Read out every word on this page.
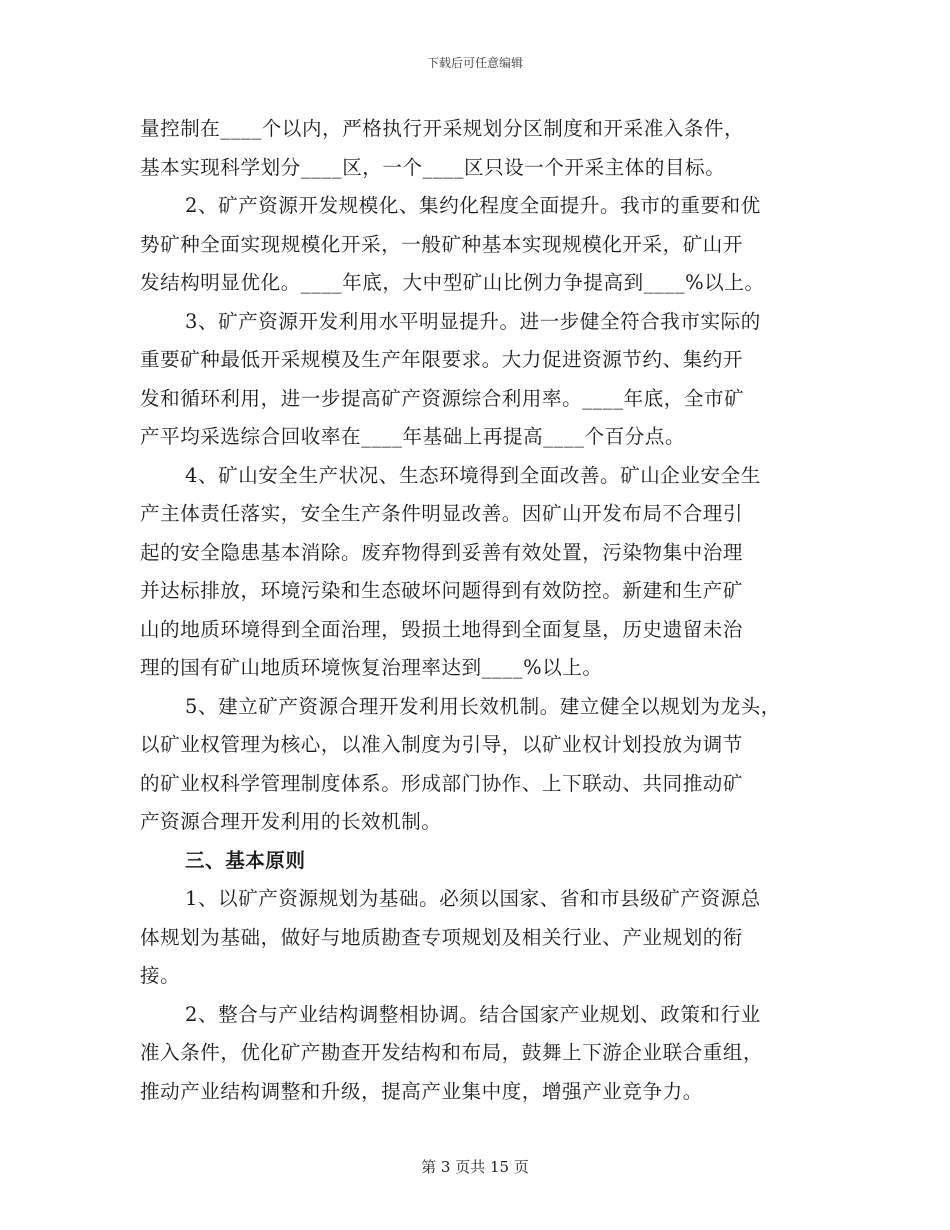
下载后可任意编辑
量控制在____个以内，严格执行开采规划分区制度和开采准入条件，
基本实现科学划分____区，一个____区只设一个开采主体的目标。
2、矿产资源开发规模化、集约化程度全面提升。我市的重要和优
势矿种全面实现规模化开采，一般矿种基本实现规模化开采，矿山开
发结构明显优化。____年底，大中型矿山比例力争提高到____%以上。
3、矿产资源开发利用水平明显提升。进一步健全符合我市实际的
重要矿种最低开采规模及生产年限要求。大力促进资源节约、集约开
发和循环利用，进一步提高矿产资源综合利用率。____年底，全市矿
产平均采选综合回收率在____年基础上再提高____个百分点。
4、矿山安全生产状况、生态环境得到全面改善。矿山企业安全生
产主体责任落实，安全生产条件明显改善。因矿山开发布局不合理引
起的安全隐患基本消除。废弃物得到妥善有效处置，污染物集中治理
并达标排放，环境污染和生态破坏问题得到有效防控。新建和生产矿
山的地质环境得到全面治理，毁损土地得到全面复垦，历史遗留未治
理的国有矿山地质环境恢复治理率达到____%以上。
5、建立矿产资源合理开发利用长效机制。建立健全以规划为龙头，
以矿业权管理为核心，以准入制度为引导，以矿业权计划投放为调节
的矿业权科学管理制度体系。形成部门协作、上下联动、共同推动矿
产资源合理开发利用的长效机制。
三、基本原则
1、以矿产资源规划为基础。必须以国家、省和市县级矿产资源总
体规划为基础，做好与地质勘查专项规划及相关行业、产业规划的衔
接。
2、整合与产业结构调整相协调。结合国家产业规划、政策和行业
准入条件，优化矿产勘查开发结构和布局，鼓舞上下游企业联合重组，
推动产业结构调整和升级，提高产业集中度，增强产业竞争力。
第 3 页共 15 页
